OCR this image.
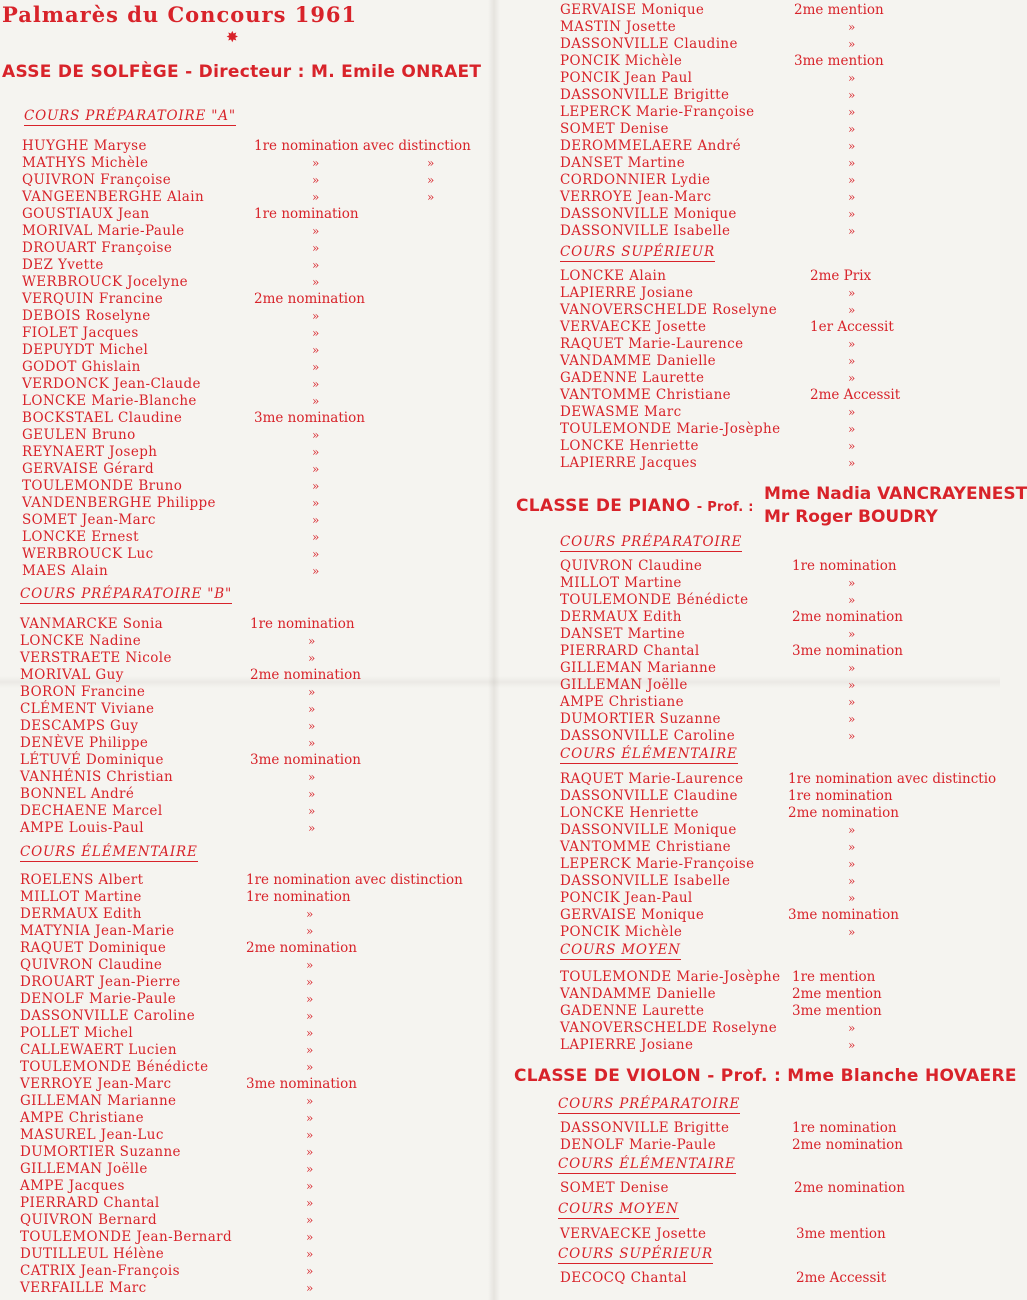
Palmarès du Concours 1961
✸
ASSE DE SOLFÈGE - Directeur : M. Emile ONRAET
COURS PRÉPARATOIRE "A"
HUYGHE Maryse	1re nomination avec distinction
MATHYS Michèle	»	»
QUIVRON Françoise	»	»
VANGEENBERGHE Alain	»	»
GOUSTIAUX Jean	1re nomination
MORIVAL Marie-Paule	»
DROUART Françoise	»
DEZ Yvette	»
WERBROUCK Jocelyne	»
VERQUIN Francine	2me nomination
DEBOIS Roselyne	»
FIOLET Jacques	»
DEPUYDT Michel	»
GODOT Ghislain	»
VERDONCK Jean-Claude	»
LONCKE Marie-Blanche	»
BOCKSTAEL Claudine	3me nomination
GEULEN Bruno	»
REYNAERT Joseph	»
GERVAISE Gérard	»
TOULEMONDE Bruno	»
VANDENBERGHE Philippe	»
SOMET Jean-Marc	»
LONCKE Ernest	»
WERBROUCK Luc	»
MAES Alain	»
COURS PRÉPARATOIRE "B"
VANMARCKE Sonia	1re nomination
LONCKE Nadine	»
VERSTRAETE Nicole	»
MORIVAL Guy	2me nomination
BORON Francine	»
CLÉMENT Viviane	»
DESCAMPS Guy	»
DENÈVE Philippe	»
LÉTUVÉ Dominique	3me nomination
VANHÉNIS Christian	»
BONNEL André	»
DECHAENE Marcel	»
AMPE Louis-Paul	»
COURS ÉLÉMENTAIRE
ROELENS Albert	1re nomination avec distinction
MILLOT Martine	1re nomination
DERMAUX Edith	»
MATYNIA Jean-Marie	»
RAQUET Dominique	2me nomination
QUIVRON Claudine	»
DROUART Jean-Pierre	»
DENOLF Marie-Paule	»
DASSONVILLE Caroline	»
POLLET Michel	»
CALLEWAERT Lucien	»
TOULEMONDE Bénédicte	»
VERROYE Jean-Marc	3me nomination
GILLEMAN Marianne	»
AMPE Christiane	»
MASUREL Jean-Luc	»
DUMORTIER Suzanne	»
GILLEMAN Joëlle	»
AMPE Jacques	»
PIERRARD Chantal	»
QUIVRON Bernard	»
TOULEMONDE Jean-Bernard	»
DUTILLEUL Hélène	»
CATRIX Jean-François	»
VERFAILLE Marc	»
GERVAISE Monique	2me mention
MASTIN Josette	»
DASSONVILLE Claudine	»
PONCIK Michèle	3me mention
PONCIK Jean Paul	»
DASSONVILLE Brigitte	»
LEPERCK Marie-Françoise	»
SOMET Denise	»
DEROMMELAERE André	»
DANSET Martine	»
CORDONNIER Lydie	»
VERROYE Jean-Marc	»
DASSONVILLE Monique	»
DASSONVILLE Isabelle	»
COURS SUPÉRIEUR
LONCKE Alain	2me Prix
LAPIERRE Josiane	»
VANOVERSCHELDE Roselyne	»
VERVAECKE Josette	1er Accessit
RAQUET Marie-Laurence	»
VANDAMME Danielle	»
GADENNE Laurette	»
VANTOMME Christiane	2me Accessit
DEWASME Marc	»
TOULEMONDE Marie-Josèphe	»
LONCKE Henriette	»
LAPIERRE Jacques	»
CLASSE DE PIANO - Prof. :
Mme Nadia VANCRAYENEST
Mr Roger BOUDRY
COURS PRÉPARATOIRE
QUIVRON Claudine	1re nomination
MILLOT Martine	»
TOULEMONDE Bénédicte	»
DERMAUX Edith	2me nomination
DANSET Martine	»
PIERRARD Chantal	3me nomination
GILLEMAN Marianne	»
GILLEMAN Joëlle	»
AMPE Christiane	»
DUMORTIER Suzanne	»
DASSONVILLE Caroline	»
COURS ÉLÉMENTAIRE
RAQUET Marie-Laurence	1re nomination avec distinctio
DASSONVILLE Claudine	1re nomination
LONCKE Henriette	2me nomination
DASSONVILLE Monique	»
VANTOMME Christiane	»
LEPERCK Marie-Françoise	»
DASSONVILLE Isabelle	»
PONCIK Jean-Paul	»
GERVAISE Monique	3me nomination
PONCIK Michèle	»
COURS MOYEN
TOULEMONDE Marie-Josèphe 1re mention
VANDAMME Danielle	2me mention
GADENNE Laurette	3me mention
VANOVERSCHELDE Roselyne	»
LAPIERRE Josiane	»
CLASSE DE VIOLON - Prof. : Mme Blanche HOVAERE
COURS PRÉPARATOIRE
DASSONVILLE Brigitte	1re nomination
DENOLF Marie-Paule	2me nomination
COURS ÉLÉMENTAIRE
SOMET Denise	2me nomination
COURS MOYEN
VERVAECKE Josette	3me mention
COURS SUPÉRIEUR
DECOCQ Chantal	2me Accessit
